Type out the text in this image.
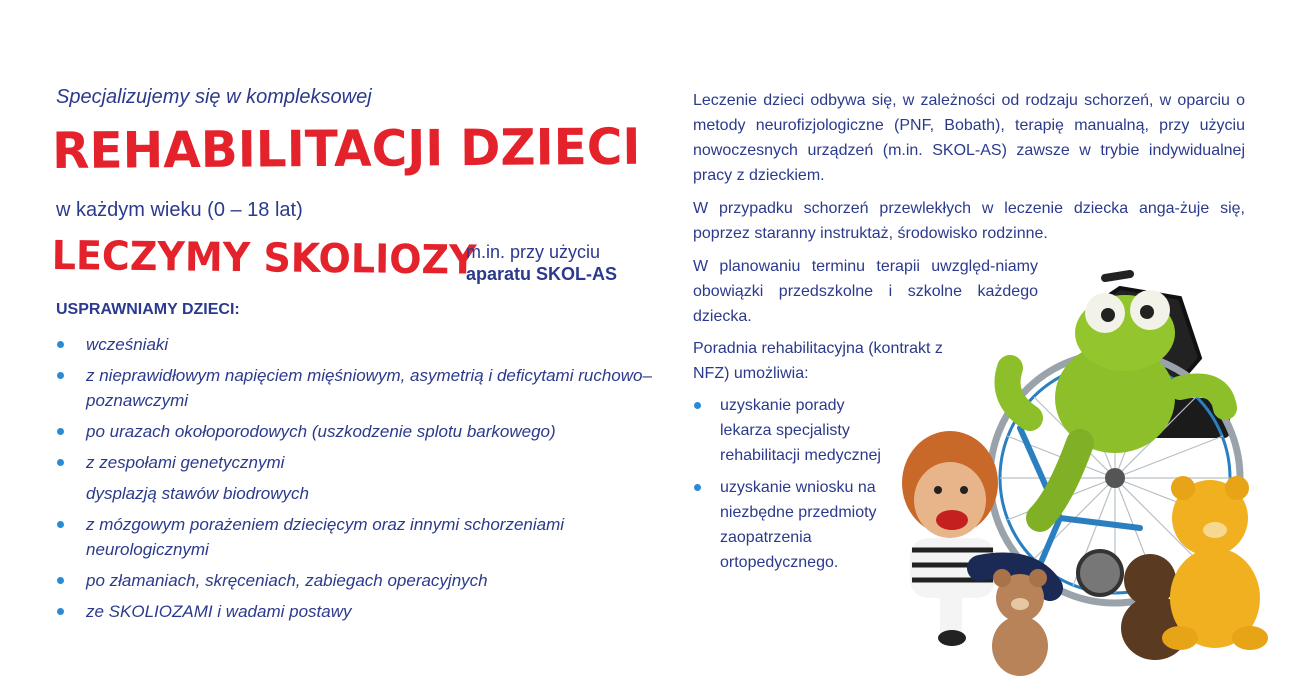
Specjalizujemy się w kompleksowej
REHABILITACJI DZIECI
w każdym wieku (0 – 18 lat)
LECZYMY SKOLIOZY
m.in. przy użyciu
aparatu SKOL-AS
USPRAWNIAMY DZIECI:
wcześniaki
z nieprawidłowym napięciem mięśniowym, asymetrią i deficytami ruchowo–poznawczymi
po urazach okołoporodowych (uszkodzenie splotu barkowego)
z zespołami genetycznymi
dysplazją stawów biodrowych
z mózgowym porażeniem dziecięcym oraz innymi schorzeniami neurologicznymi
po złamaniach, skręceniach, zabiegach operacyjnych
ze SKOLIOZAMI i wadami postawy

Leczenie dzieci odbywa się, w zależności od rodzaju schorzeń, w oparciu o metody neurofizjologiczne (PNF, Bobath), terapię manualną, przy użyciu nowoczesnych urządzeń (m.in. SKOL-AS) zawsze w trybie indywidualnej pracy z dzieckiem.

W przypadku schorzeń przewlekłych w leczenie dziecka anga-żuje się, poprzez staranny instruktaż, środowisko rodzinne.

W planowaniu terminu terapii uwzględ-niamy obowiązki przedszkolne i szkolne każdego dziecka.

Poradnia rehabilitacyjna (kontrakt z NFZ) umożliwia:

uzyskanie porady lekarza specjalisty rehabilitacji medycznej
uzyskanie wniosku na niezbędne przedmioty zaopatrzenia ortopedycznego.
